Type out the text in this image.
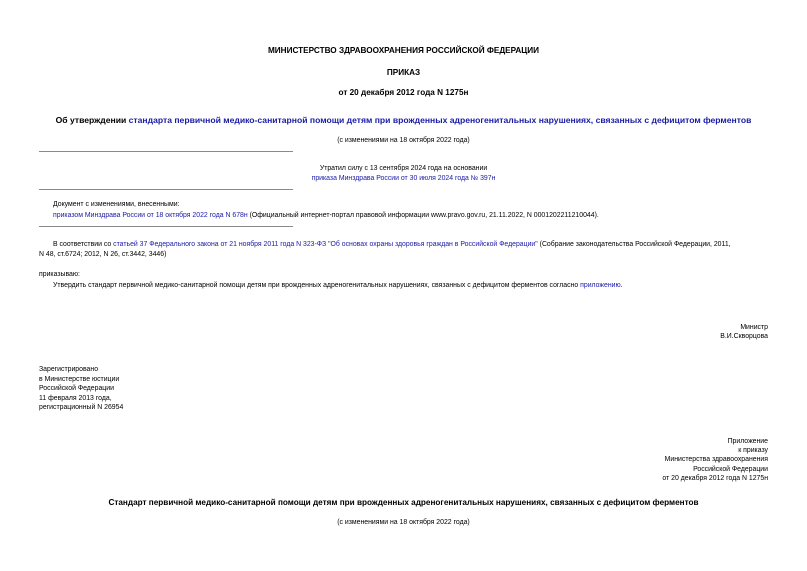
МИНИСТЕРСТВО ЗДРАВООХРАНЕНИЯ РОССИЙСКОЙ ФЕДЕРАЦИИ
ПРИКАЗ
от 20 декабря 2012 года N 1275н
Об утверждении стандарта первичной медико-санитарной помощи детям при врожденных адреногенитальных нарушениях, связанных с дефицитом ферментов
(с изменениями на 18 октября 2022 года)
Утратил силу с 13 сентября 2024 года на основании
приказа Минздрава России от 30 июля 2024 года № 397н
Документ с изменениями, внесенными:
приказом Минздрава России от 18 октября 2022 года N 678н (Официальный интернет-портал правовой информации www.pravo.gov.ru, 21.11.2022, N 0001202211210044).
В соответствии со статьей 37 Федерального закона от 21 ноября 2011 года N 323-ФЗ "Об основах охраны здоровья граждан в Российской Федерации" (Собрание законодательства Российской Федерации, 2011,
N 48, ст.6724; 2012, N 26, ст.3442, 3446)
приказываю:
Утвердить стандарт первичной медико-санитарной помощи детям при врожденных адреногенитальных нарушениях, связанных с дефицитом ферментов согласно приложению.
Министр
В.И.Скворцова
Зарегистрировано
в Министерстве юстиции
Российской Федерации
11 февраля 2013 года,
регистрационный N 26954
Приложение
к приказу
Министерства здравоохранения
Российской Федерации
от 20 декабря 2012 года N 1275н
Стандарт первичной медико-санитарной помощи детям при врожденных адреногенитальных нарушениях, связанных с дефицитом ферментов
(с изменениями на 18 октября 2022 года)
